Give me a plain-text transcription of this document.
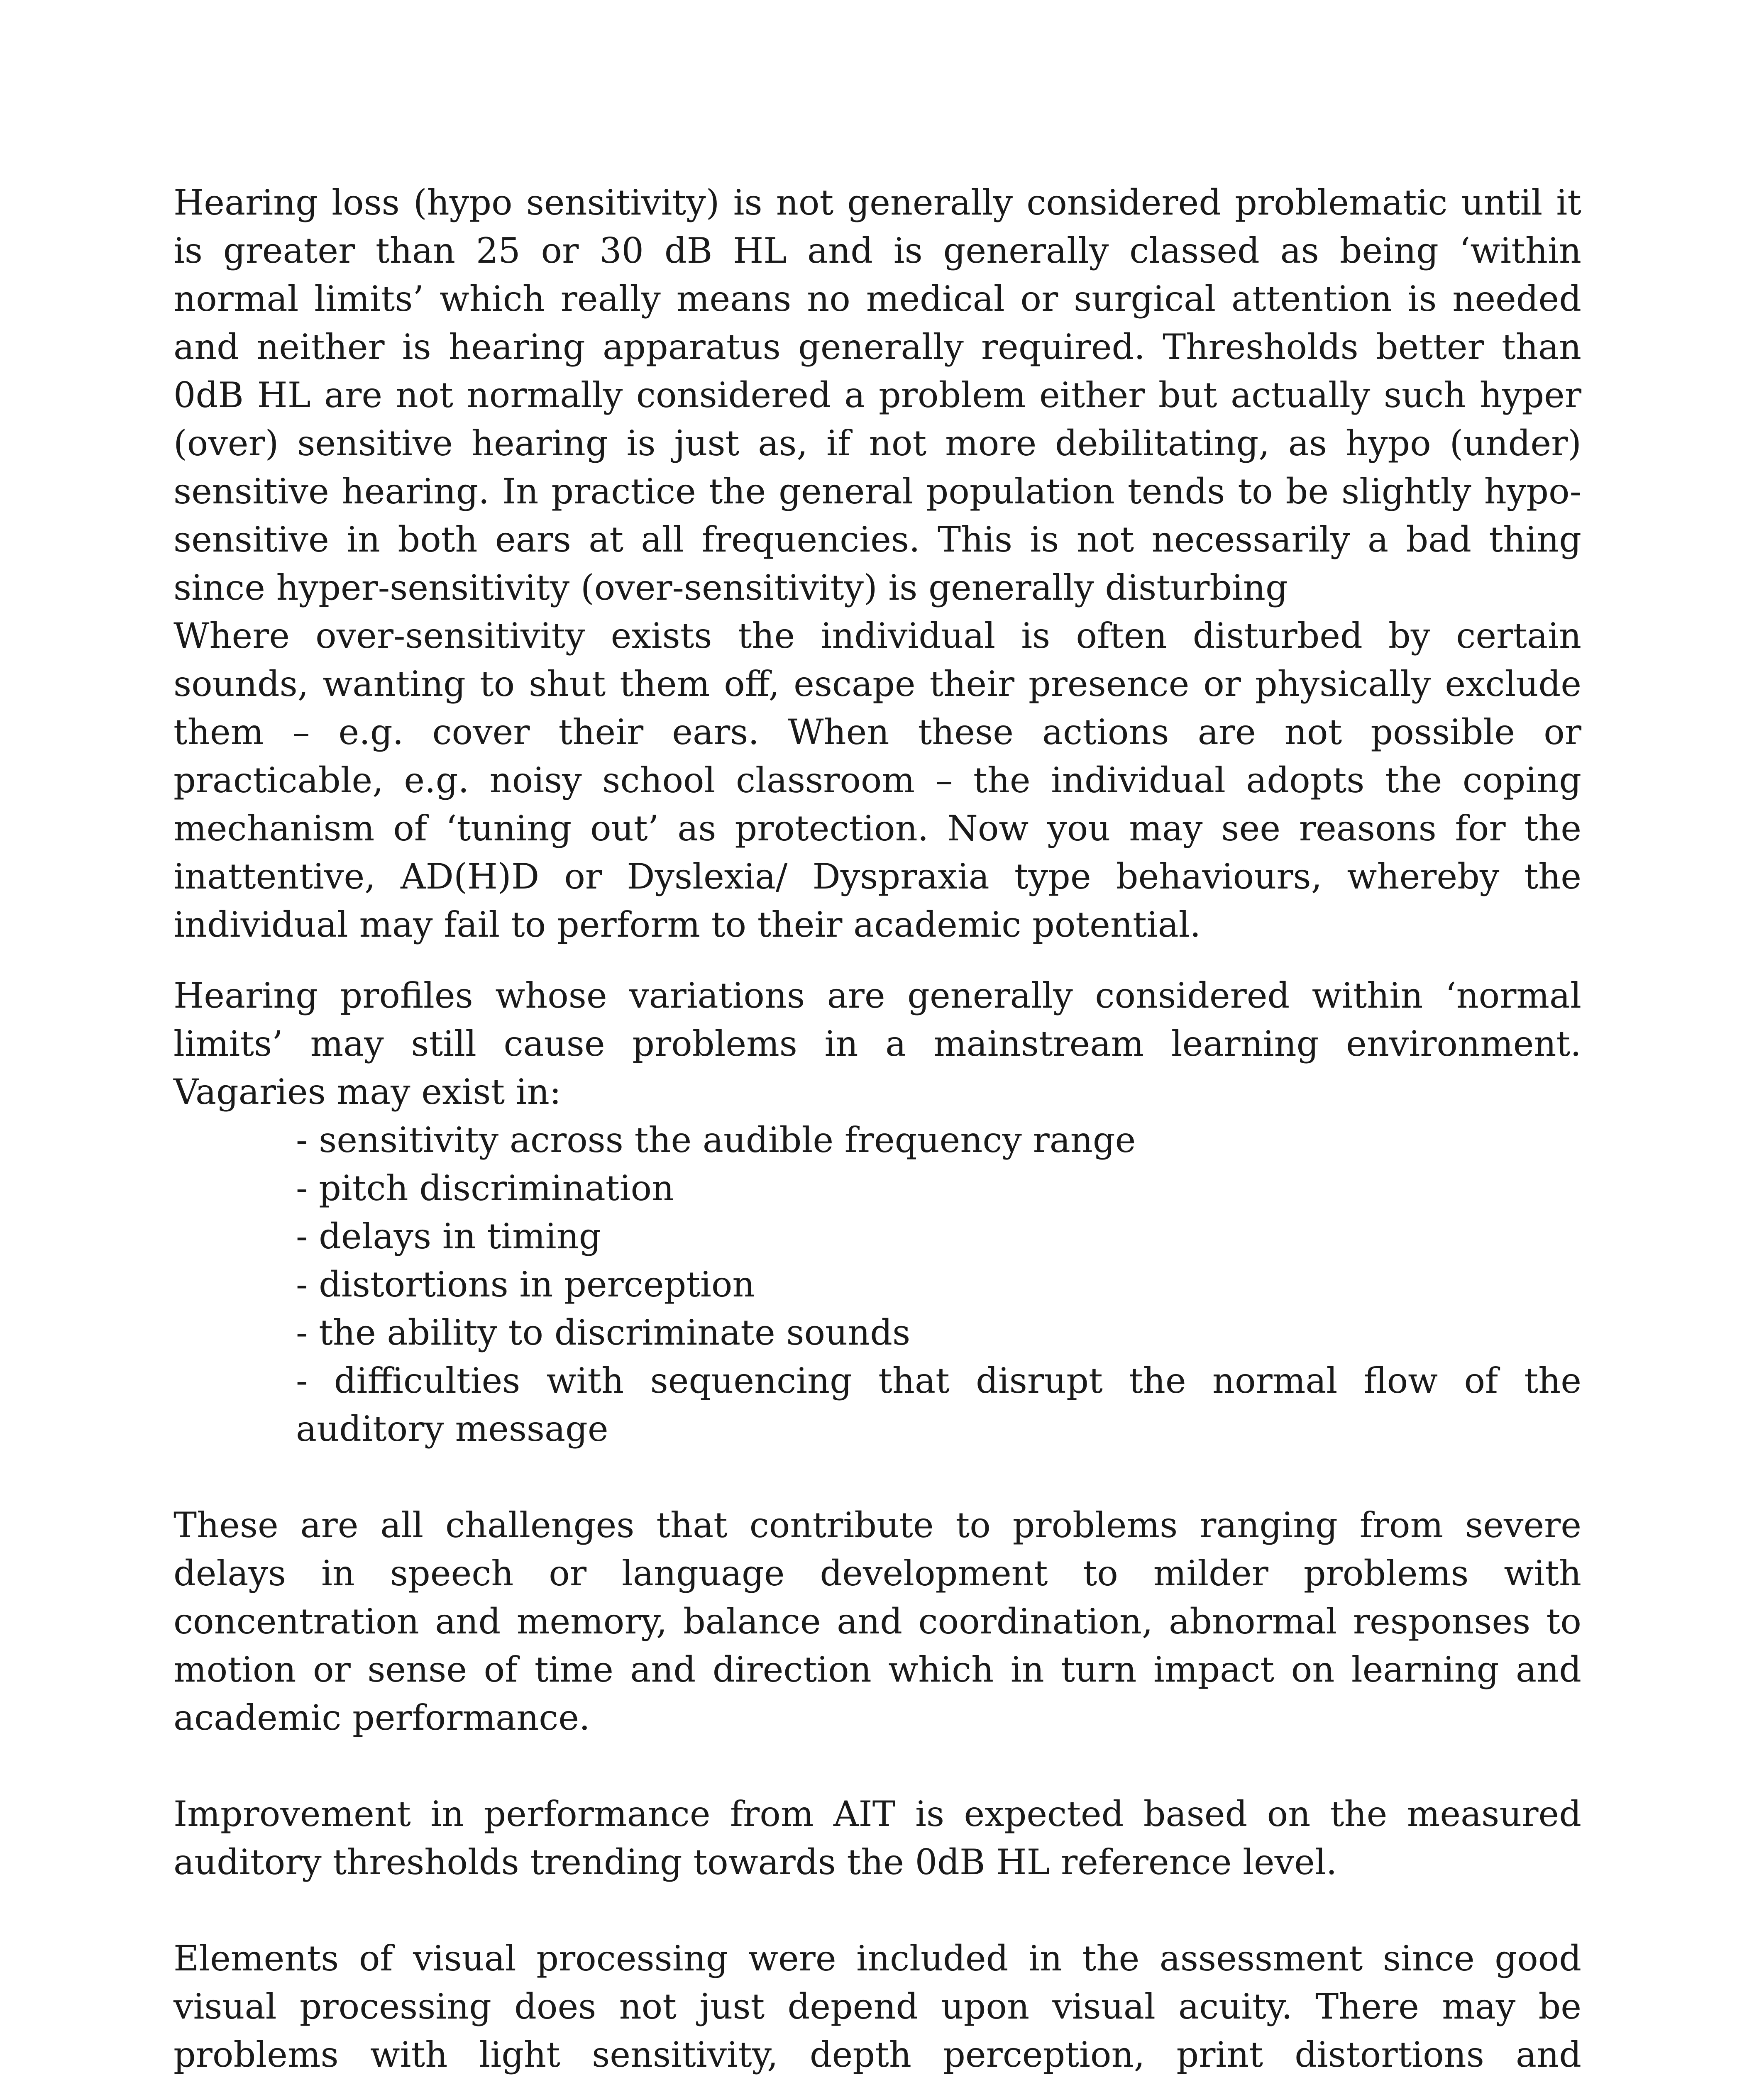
Hearing loss (hypo sensitivity) is not generally considered problematic until it is greater than 25 or 30 dB HL and is generally classed as being ‘within normal limits’ which really means no medical or surgical attention is needed and neither is hearing apparatus generally required. Thresholds better than 0dB HL are not normally considered a problem either but actually such hyper (over) sensitive hearing is just as, if not more debilitating, as hypo (under) sensitive hearing. In practice the general population tends to be slightly hypo-sensitive in both ears at all frequencies. This is not necessarily a bad thing since hyper-sensitivity (over-sensitivity) is generally disturbing

Where over-sensitivity exists the individual is often disturbed by certain sounds, wanting to shut them off, escape their presence or physically exclude them – e.g. cover their ears. When these actions are not possible or practicable, e.g. noisy school classroom – the individual adopts the coping mechanism of ‘tuning out’ as protection. Now you may see reasons for the inattentive, AD(H)D or Dyslexia/ Dyspraxia type behaviours, whereby the individual may fail to perform to their academic potential.

Hearing profiles whose variations are generally considered within ‘normal limits’ may still cause problems in a mainstream learning environment. Vagaries may exist in:

- sensitivity across the audible frequency range
- pitch discrimination
- delays in timing
- distortions in perception
- the ability to discriminate sounds
- difficulties with sequencing that disrupt the normal flow of the auditory message

These are all challenges that contribute to problems ranging from severe delays in speech or language development to milder problems with concentration and memory, balance and coordination, abnormal responses to motion or sense of time and direction which in turn impact on learning and academic performance.

Improvement in performance from AIT is expected based on the measured auditory thresholds trending towards the 0dB HL reference level.

Elements of visual processing were included in the assessment since good visual processing does not just depend upon visual acuity. There may be problems with light sensitivity, depth perception, print distortions and
